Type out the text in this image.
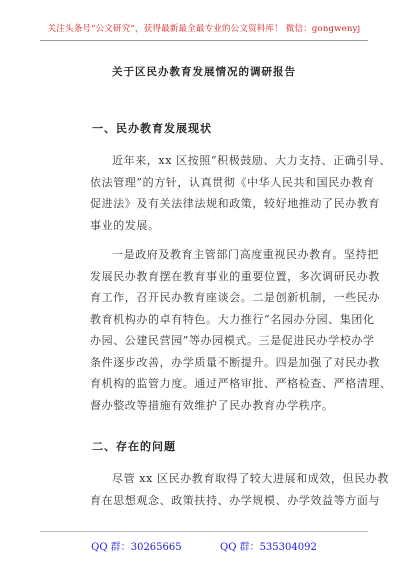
关注头条号“公文研究”，获得最新最全最专业的公文资料库！ 微信：gongwenyj
关于区民办教育发展情况的调研报告
一、民办教育发展现状
近年来，xx 区按照“积极鼓励、大力支持、正确引导、
依法管理”的方针，认真贯彻《中华人民共和国民办教育
促进法》及有关法律法规和政策，较好地推动了民办教育
事业的发展。
一是政府及教育主管部门高度重视民办教育。坚持把
发展民办教育摆在教育事业的重要位置，多次调研民办教
育工作，召开民办教育座谈会。二是创新机制，一些民办
教育机构办的卓有特色。大力推行“名园办分园、集团化
办园、公建民营园”等办园模式。三是促进民办学校办学
条件逐步改善，办学质量不断提升。四是加强了对民办教
育机构的监管力度。通过严格审批、严格检查、严格清理、
督办整改等措施有效维护了民办教育办学秩序。
二、存在的问题
尽管 xx 区民办教育取得了较大进展和成效，但民办教
育在思想观念、政策扶持、办学规模、办学效益等方面与
QQ 群：30265665	QQ 群：535304092
